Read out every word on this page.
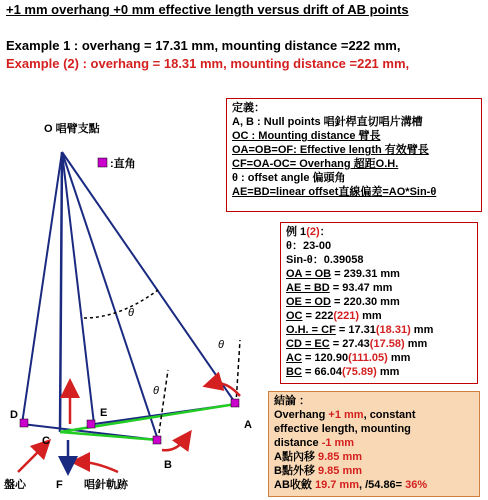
+1 mm overhang +0 mm effective length versus drift of AB points
Example 1 : overhang = 17.31 mm, mounting distance =222 mm,
Example (2) : overhang = 18.31 mm, mounting distance =221 mm,
O 唱臂支點
:直角
D	E
C
F
B
A
θ
θ
θ
盤心	唱針軌跡
定義：
A, B : Null points 唱針桿直切唱片溝槽
OC : Mounting distance 臂長
OA=OB=OF: Effective length 有效臂長
CF=OA-OC= Overhang 超距O.H.
θ : offset angle 偏頭角
AE=BD=linear offset直線偏差=AO*Sin-θ
例 1(2)：
θ：23-00
Sin-θ：0.39058
OA = OB = 239.31 mm
AE = BD = 93.47 mm
OE = OD = 220.30 mm
OC = 222(221) mm
O.H. = CF = 17.31(18.31) mm
CD = EC = 27.43(17.58) mm
AC = 120.90(111.05) mm
BC = 66.04(75.89) mm
結論 ：
Overhang +1 mm, constant
effective length, mounting
distance -1 mm
A點內移 9.85 mm
B點外移 9.85 mm
AB收斂 19.7 mm, /54.86= 36%
